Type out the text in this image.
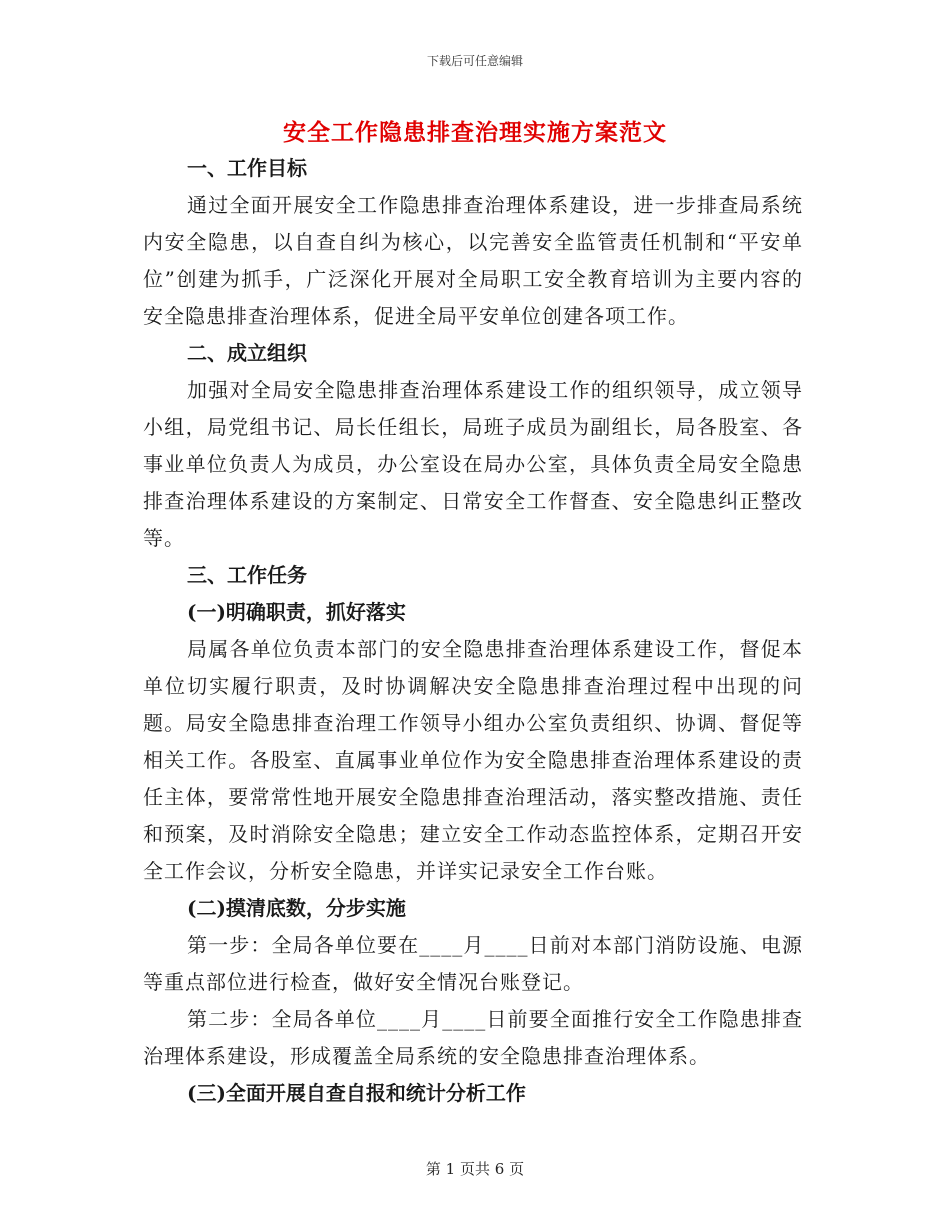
下载后可任意编辑
安全工作隐患排查治理实施方案范文
一、工作目标

通过全面开展安全工作隐患排查治理体系建设，进一步排查局系统内安全隐患，以自查自纠为核心，以完善安全监管责任机制和“平安单位”创建为抓手，广泛深化开展对全局职工安全教育培训为主要内容的安全隐患排查治理体系，促进全局平安单位创建各项工作。

二、成立组织

加强对全局安全隐患排查治理体系建设工作的组织领导，成立领导小组，局党组书记、局长任组长，局班子成员为副组长，局各股室、各事业单位负责人为成员，办公室设在局办公室，具体负责全局安全隐患排查治理体系建设的方案制定、日常安全工作督查、安全隐患纠正整改等。

三、工作任务
(一)明确职责，抓好落实

局属各单位负责本部门的安全隐患排查治理体系建设工作，督促本单位切实履行职责，及时协调解决安全隐患排查治理过程中出现的问题。局安全隐患排查治理工作领导小组办公室负责组织、协调、督促等相关工作。各股室、直属事业单位作为安全隐患排查治理体系建设的责任主体，要常常性地开展安全隐患排查治理活动，落实整改措施、责任和预案，及时消除安全隐患；建立安全工作动态监控体系，定期召开安全工作会议，分析安全隐患，并详实记录安全工作台账。

(二)摸清底数，分步实施

第一步：全局各单位要在____月____日前对本部门消防设施、电源等重点部位进行检查，做好安全情况台账登记。

第二步：全局各单位____月____日前要全面推行安全工作隐患排查治理体系建设，形成覆盖全局系统的安全隐患排查治理体系。

(三)全面开展自查自报和统计分析工作
第 1 页共 6 页
